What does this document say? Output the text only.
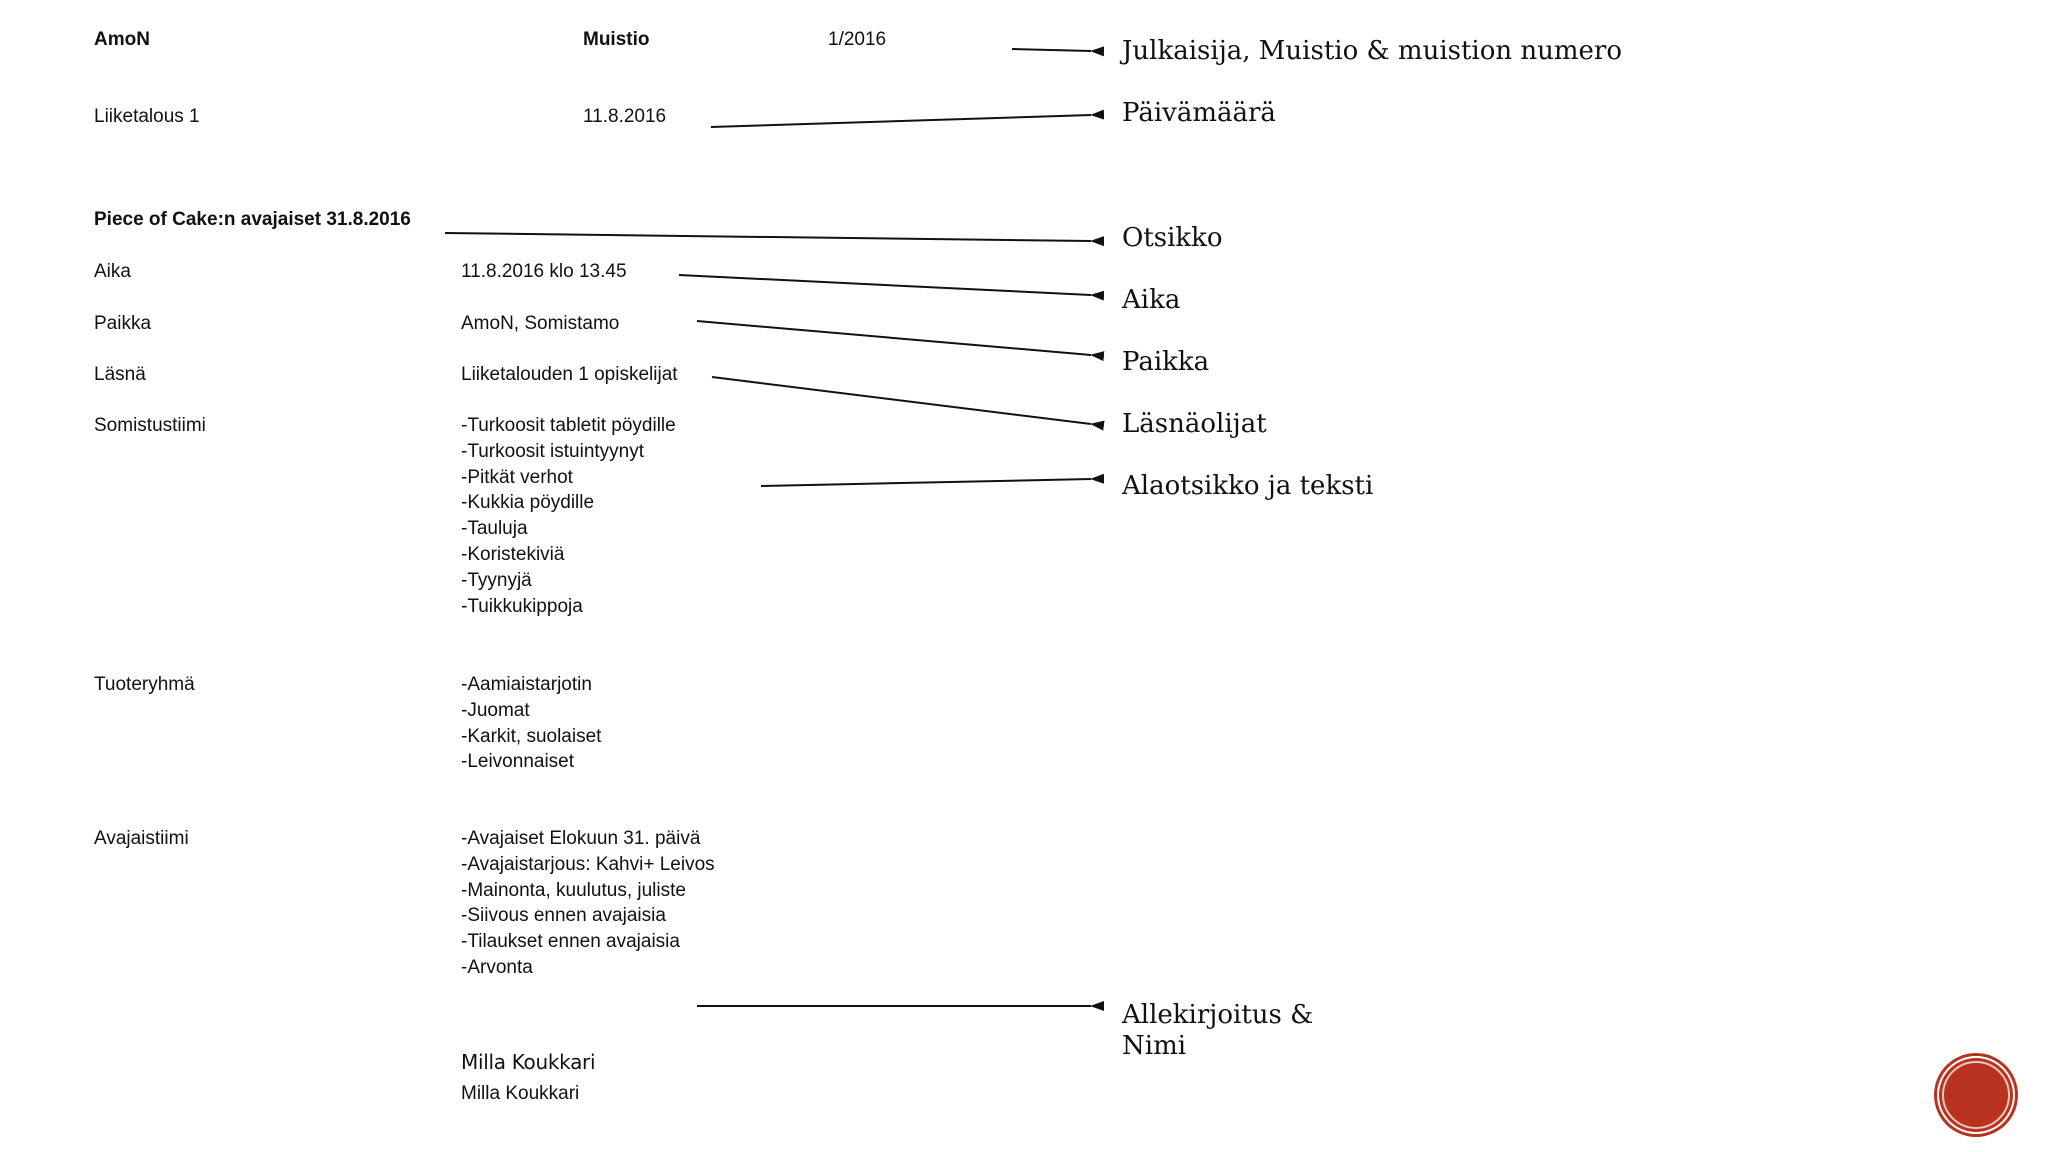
AmoN	Muistio	1/2016
Liiketalous 1	11.8.2016
Piece of Cake:n avajaiset 31.8.2016
Aika	11.8.2016 klo 13.45
Paikka	AmoN, Somistamo
Läsnä	Liiketalouden 1 opiskelijat
Somistustiimi	-Turkoosit tabletit pöydille
-Turkoosit istuintyynyt
-Pitkät verhot
-Kukkia pöydille
-Tauluja
-Koristekiviä
-Tyynyjä
-Tuikkukippoja
Tuoteryhmä	-Aamiaistarjotin
-Juomat
-Karkit, suolaiset
-Leivonnaiset
Avajaistiimi	-Avajaiset Elokuun 31. päivä
-Avajaistarjous: Kahvi+ Leivos
-Mainonta, kuulutus, juliste
-Siivous ennen avajaisia
-Tilaukset ennen avajaisia
-Arvonta
Milla Koukkari
Milla Koukkari
Julkaisija, Muistio & muistion numero
Päivämäärä
Otsikko
Aika
Paikka
Läsnäolijat
Alaotsikko ja teksti
Allekirjoitus &
Nimi
